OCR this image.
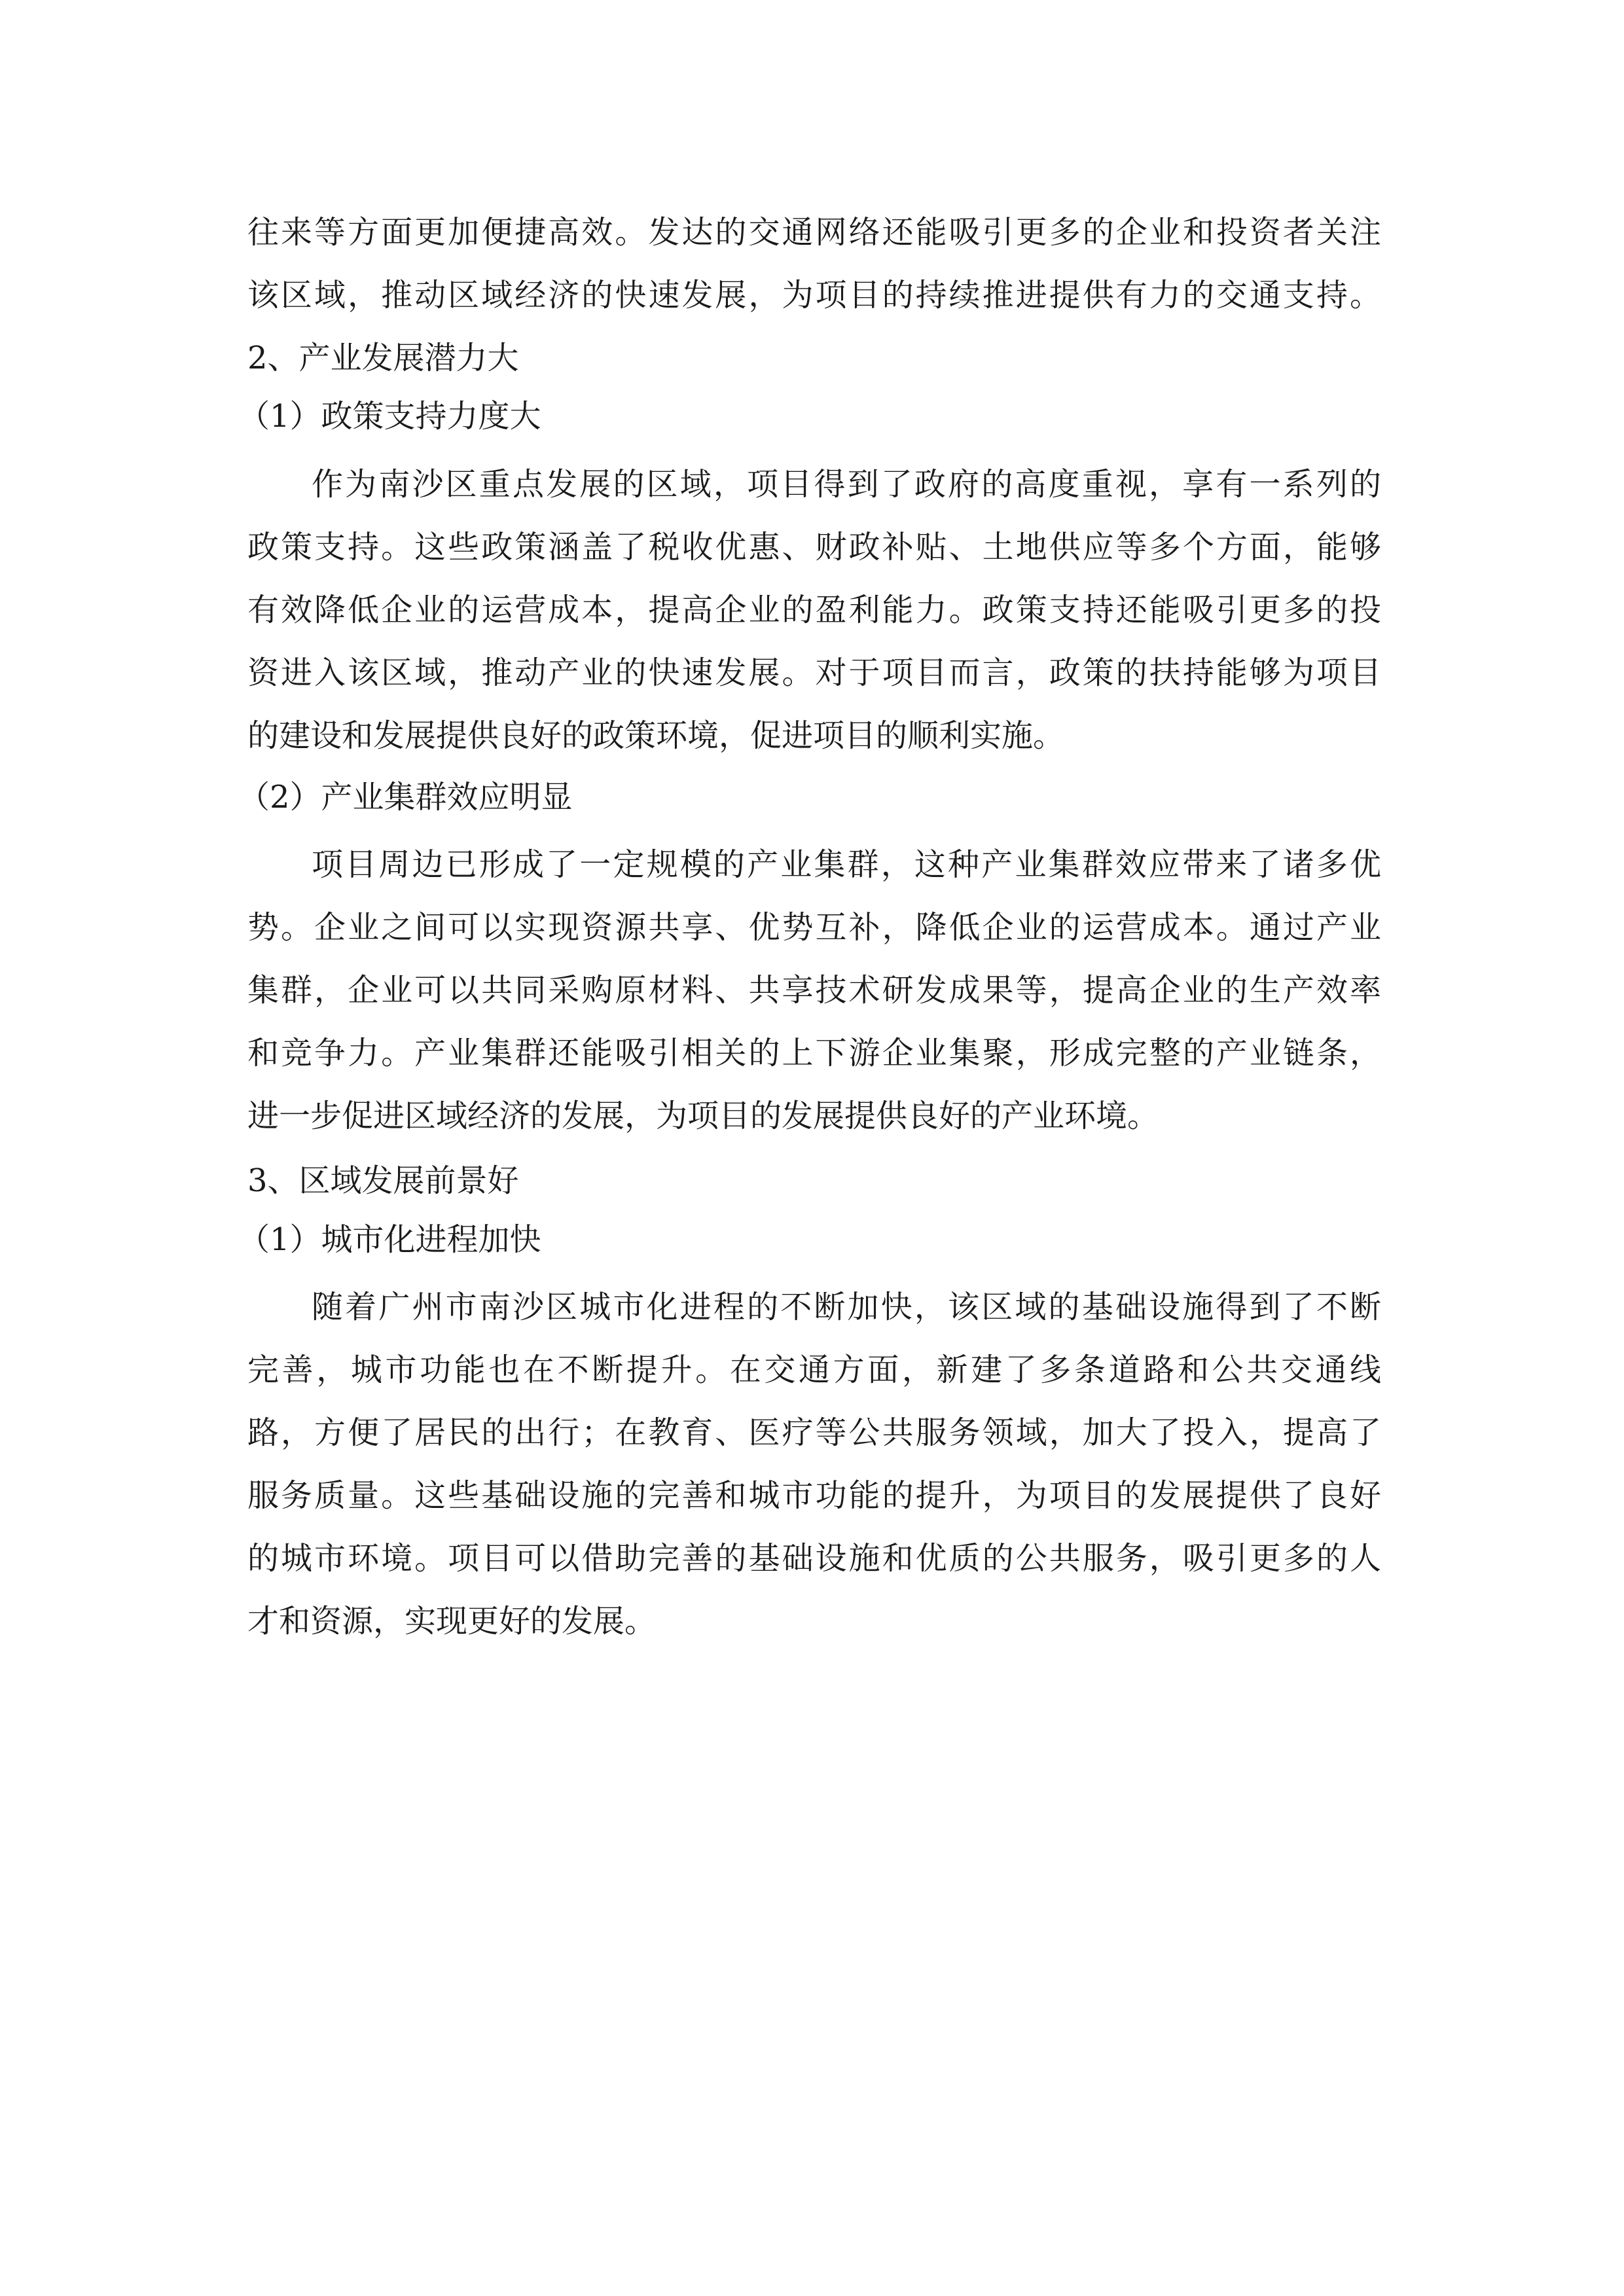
往来等方面更加便捷高效。发达的交通网络还能吸引更多的企业和投资者关注
该区域，推动区域经济的快速发展，为项目的持续推进提供有力的交通支持。
2、产业发展潜力大
（1）政策支持力度大
作为南沙区重点发展的区域，项目得到了政府的高度重视，享有一系列的
政策支持。这些政策涵盖了税收优惠、财政补贴、土地供应等多个方面，能够
有效降低企业的运营成本，提高企业的盈利能力。政策支持还能吸引更多的投
资进入该区域，推动产业的快速发展。对于项目而言，政策的扶持能够为项目
的建设和发展提供良好的政策环境，促进项目的顺利实施。
（2）产业集群效应明显
项目周边已形成了一定规模的产业集群，这种产业集群效应带来了诸多优
势。企业之间可以实现资源共享、优势互补，降低企业的运营成本。通过产业
集群，企业可以共同采购原材料、共享技术研发成果等，提高企业的生产效率
和竞争力。产业集群还能吸引相关的上下游企业集聚，形成完整的产业链条，
进一步促进区域经济的发展，为项目的发展提供良好的产业环境。
3、区域发展前景好
（1）城市化进程加快
随着广州市南沙区城市化进程的不断加快，该区域的基础设施得到了不断
完善，城市功能也在不断提升。在交通方面，新建了多条道路和公共交通线
路，方便了居民的出行；在教育、医疗等公共服务领域，加大了投入，提高了
服务质量。这些基础设施的完善和城市功能的提升，为项目的发展提供了良好
的城市环境。项目可以借助完善的基础设施和优质的公共服务，吸引更多的人
才和资源，实现更好的发展。
